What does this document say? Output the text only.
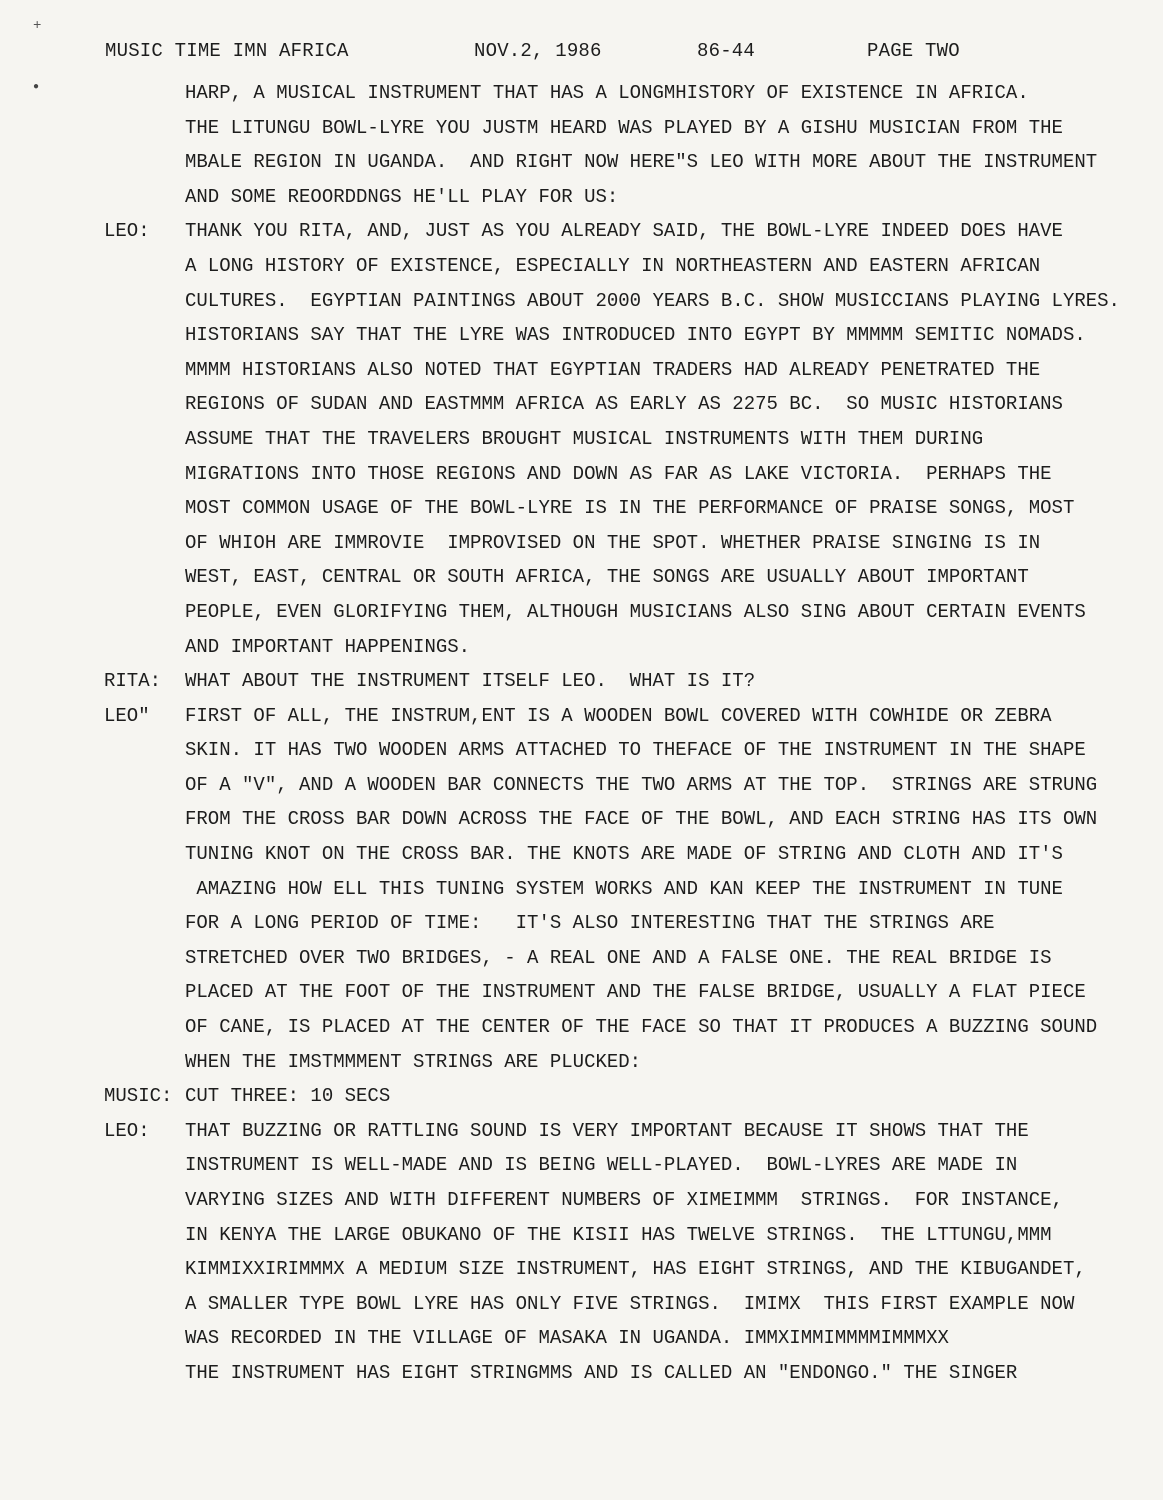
+
●
MUSIC TIME IMN AFRICA	NOV.2, 1986	86-44	PAGE TWO
HARP, A MUSICAL INSTRUMENT THAT HAS A LONGMHISTORY OF EXISTENCE IN AFRICA.
THE LITUNGU BOWL-LYRE YOU JUSTM HEARD WAS PLAYED BY A GISHU MUSICIAN FROM THE
MBALE REGION IN UGANDA.  AND RIGHT NOW HERE"S LEO WITH MORE ABOUT THE INSTRUMENT
AND SOME REOORDDNGS HE'LL PLAY FOR US:
LEO: THANK YOU RITA, AND, JUST AS YOU ALREADY SAID, THE BOWL-LYRE INDEED DOES HAVE
A LONG HISTORY OF EXISTENCE, ESPECIALLY IN NORTHEASTERN AND EASTERN AFRICAN
CULTURES.  EGYPTIAN PAINTINGS ABOUT 2000 YEARS B.C. SHOW MUSICCIANS PLAYING LYRES.
HISTORIANS SAY THAT THE LYRE WAS INTRODUCED INTO EGYPT BY MMMMM SEMITIC NOMADS.
MMMM HISTORIANS ALSO NOTED THAT EGYPTIAN TRADERS HAD ALREADY PENETRATED THE
REGIONS OF SUDAN AND EASTMMM AFRICA AS EARLY AS 2275 BC.  SO MUSIC HISTORIANS
ASSUME THAT THE TRAVELERS BROUGHT MUSICAL INSTRUMENTS WITH THEM DURING
MIGRATIONS INTO THOSE REGIONS AND DOWN AS FAR AS LAKE VICTORIA.  PERHAPS THE
MOST COMMON USAGE OF THE BOWL-LYRE IS IN THE PERFORMANCE OF PRAISE SONGS, MOST
OF WHIOH ARE IMMROVIE  IMPROVISED ON THE SPOT. WHETHER PRAISE SINGING IS IN
WEST, EAST, CENTRAL OR SOUTH AFRICA, THE SONGS ARE USUALLY ABOUT IMPORTANT
PEOPLE, EVEN GLORIFYING THEM, ALTHOUGH MUSICIANS ALSO SING ABOUT CERTAIN EVENTS
AND IMPORTANT HAPPENINGS.
RITA: WHAT ABOUT THE INSTRUMENT ITSELF LEO.  WHAT IS IT?
LEO" FIRST OF ALL, THE INSTRUM,ENT IS A WOODEN BOWL COVERED WITH COWHIDE OR ZEBRA
SKIN. IT HAS TWO WOODEN ARMS ATTACHED TO THEFACE OF THE INSTRUMENT IN THE SHAPE
OF A "V", AND A WOODEN BAR CONNECTS THE TWO ARMS AT THE TOP.  STRINGS ARE STRUNG
FROM THE CROSS BAR DOWN ACROSS THE FACE OF THE BOWL, AND EACH STRING HAS ITS OWN
TUNING KNOT ON THE CROSS BAR. THE KNOTS ARE MADE OF STRING AND CLOTH AND IT'S
AMAZING HOW ELL THIS TUNING SYSTEM WORKS AND KAN KEEP THE INSTRUMENT IN TUNE
FOR A LONG PERIOD OF TIME:   IT'S ALSO INTERESTING THAT THE STRINGS ARE
STRETCHED OVER TWO BRIDGES, - A REAL ONE AND A FALSE ONE. THE REAL BRIDGE IS
PLACED AT THE FOOT OF THE INSTRUMENT AND THE FALSE BRIDGE, USUALLY A FLAT PIECE
OF CANE, IS PLACED AT THE CENTER OF THE FACE SO THAT IT PRODUCES A BUZZING SOUND
WHEN THE IMSTMMMENT STRINGS ARE PLUCKED:
MUSIC: CUT THREE: 10 SECS
LEO: THAT BUZZING OR RATTLING SOUND IS VERY IMPORTANT BECAUSE IT SHOWS THAT THE
INSTRUMENT IS WELL-MADE AND IS BEING WELL-PLAYED.  BOWL-LYRES ARE MADE IN
VARYING SIZES AND WITH DIFFERENT NUMBERS OF XIMEIMMM  STRINGS.  FOR INSTANCE,
IN KENYA THE LARGE OBUKANO OF THE KISII HAS TWELVE STRINGS.  THE LTTUNGU,MMM
KIMMIXXIRIMMMX A MEDIUM SIZE INSTRUMENT, HAS EIGHT STRINGS, AND THE KIBUGANDET,
A SMALLER TYPE BOWL LYRE HAS ONLY FIVE STRINGS.  IMIMX  THIS FIRST EXAMPLE NOW
WAS RECORDED IN THE VILLAGE OF MASAKA IN UGANDA. IMMXIMMIMMMMIMMMXX
THE INSTRUMENT HAS EIGHT STRINGMMS AND IS CALLED AN "ENDONGO." THE SINGER
